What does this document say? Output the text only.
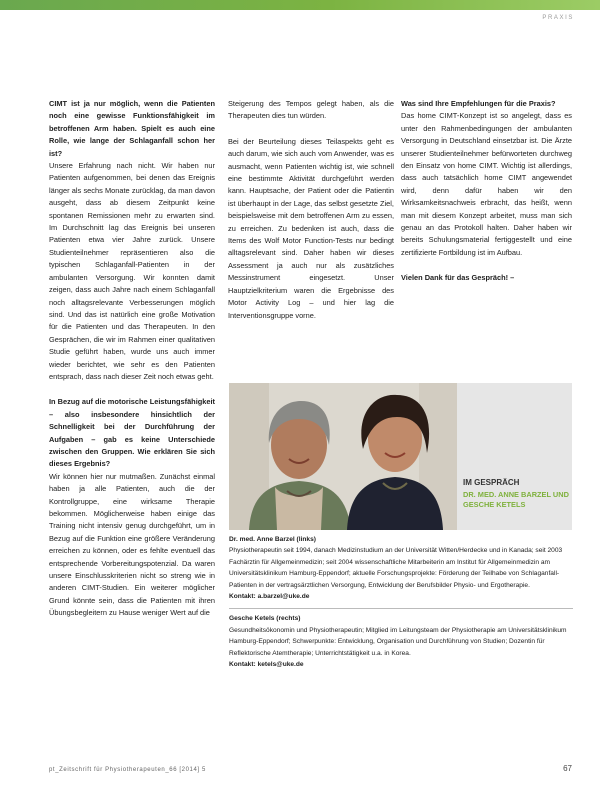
PRAXIS

CIMT ist ja nur möglich, wenn die Patienten noch eine gewisse Funktionsfähigkeit im betroffenen Arm haben. Spielt es auch eine Rolle, wie lange der Schlaganfall schon her ist?

Unsere Erfahrung nach nicht. Wir haben nur Patienten aufgenommen, bei denen das Ereignis länger als sechs Monate zurücklag, da man davon ausgeht, dass ab diesem Zeitpunkt keine spontanen Remissionen mehr zu erwarten sind. Im Durchschnitt lag das Ereignis bei unseren Patienten etwa vier Jahre zurück. Unsere Studienteilnehmer repräsentieren also die typischen Schlaganfall-Patienten in der ambulanten Versorgung. Wir konnten damit zeigen, dass auch Jahre nach einem Schlaganfall noch alltagsrelevante Verbesserungen möglich sind. Und das ist natürlich eine große Motivation für die Patienten und das Therapeuten. In den Gesprächen, die wir im Rahmen einer qualitativen Studie geführt haben, wurde uns auch immer wieder berichtet, wie sehr es den Patienten entsprach, dass nach dieser Zeit noch etwas geht.

In Bezug auf die motorische Leistungsfähigkeit – also insbesondere hinsichtlich der Schnelligkeit bei der Durchführung der Aufgaben – gab es keine Unterschiede zwischen den Gruppen. Wie erklären Sie sich dieses Ergebnis?

Wir können hier nur mutmaßen. Zunächst einmal haben ja alle Patienten, auch die der Kontrollgruppe, eine wirksame Therapie bekommen. Möglicherweise haben einige das Training nicht intensiv genug durchgeführt, um in Bezug auf die Funktion eine größere Veränderung erreichen zu können, oder es fehlte eventuell das entsprechende Vorbereitungspotenzial. Da waren unsere Einschlusskriterien nicht so streng wie in anderen CIMT-Studien. Ein weiterer möglicher Grund könnte sein, dass die Patienten mit ihren Übungsbegleitern zu Hause weniger Wert auf die

Steigerung des Tempos gelegt haben, als die Therapeuten dies tun würden.

Bei der Beurteilung dieses Teilaspekts geht es auch darum, wie sich auch vom Anwender, was es ausmacht, wenn Patienten wichtig ist, wie schnell eine bestimmte Aktivität durchgeführt werden kann. Hauptsache, der Patient oder die Patientin ist überhaupt in der Lage, das selbst gesetzte Ziel, beispielsweise mit dem betroffenen Arm zu essen, zu erreichen. Zu bedenken ist auch, dass die Items des Wolf Motor Function-Tests nur bedingt alltagsrelevant sind. Daher haben wir dieses Assessment ja auch nur als zusätzliches Messinstrument eingesetzt. Unser Hauptzielkriterium waren die Ergebnisse des Motor Activity Log – und hier lag die Interventionsgruppe vorne.

Was sind Ihre Empfehlungen für die Praxis?

Das home CIMT-Konzept ist so angelegt, dass es unter den Rahmenbedingungen der ambulanten Versorgung in Deutschland einsetzbar ist. Die Ärzte unserer Studienteilnehmer befürworteten durchweg den Einsatz von home CIMT. Wichtig ist allerdings, dass auch tatsächlich home CIMT angewendet wird, denn dafür haben wir den Wirksamkeitsnachweis erbracht, das heißt, wenn man mit diesem Konzept arbeitet, muss man sich genau an das Protokoll halten. Daher haben wir bereits Schulungsmaterial fertiggestellt und eine zertifizierte Fortbildung ist im Aufbau.

Vielen Dank für das Gespräch! –

IM GESPRÄCH
DR. MED. ANNE BARZEL UND GESCHE KETELS
Dr. med. Anne Barzel (links)
Physiotherapeutin seit 1994, danach Medizinstudium an der Universität Witten/Herdecke und in Kanada; seit 2003 Fachärztin für Allgemeinmedizin; seit 2004 wissenschaftliche Mitarbeiterin am Institut für Allgemeinmedizin am Universitätsklinikum Hamburg-Eppendorf; aktuelle Forschungsprojekte: Förderung der Teilhabe von Schlaganfall-Patienten in der vertragsärztlichen Versorgung, Entwicklung der Berufsbilder Physio- und Ergotherapie.
Kontakt: a.barzel@uke.de
Gesche Ketels (rechts)
Gesundheitsökonomin und Physiotherapeutin; Mitglied im Leitungsteam der Physiotherapie am Universitätsklinikum Hamburg-Eppendorf; Schwerpunkte: Entwicklung, Organisation und Durchführung von Studien; Dozentin für Reflektorische Atemtherapie; Unterrichtstätigkeit u.a. in Korea.
Kontakt: ketels@uke.de
pt_Zeitschrift für Physiotherapeuten_66 [2014] 5	67
